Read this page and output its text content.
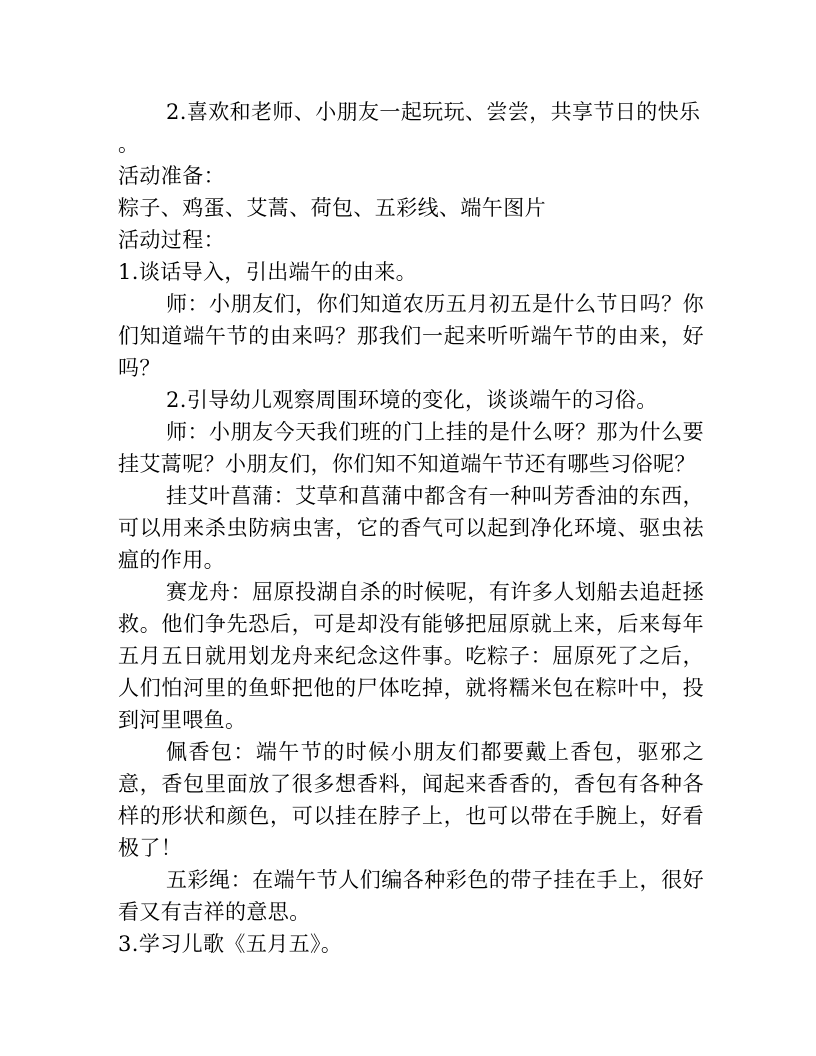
2.喜欢和老师、小朋友一起玩玩、尝尝，共享节日的快乐
。
活动准备：
粽子、鸡蛋、艾蒿、荷包、五彩线、端午图片
活动过程：
1.谈话导入，引出端午的由来。
师：小朋友们，你们知道农历五月初五是什么节日吗？你们知道端午节的由来吗？那我们一起来听听端午节的由来，好吗？
2.引导幼儿观察周围环境的变化，谈谈端午的习俗。
师：小朋友今天我们班的门上挂的是什么呀？那为什么要挂艾蒿呢？小朋友们，你们知不知道端午节还有哪些习俗呢？
挂艾叶菖蒲：艾草和菖蒲中都含有一种叫芳香油的东西，可以用来杀虫防病虫害，它的香气可以起到净化环境、驱虫祛瘟的作用。
赛龙舟：屈原投湖自杀的时候呢，有许多人划船去追赶拯救。他们争先恐后，可是却没有能够把屈原就上来，后来每年五月五日就用划龙舟来纪念这件事。吃粽子：屈原死了之后，人们怕河里的鱼虾把他的尸体吃掉，就将糯米包在粽叶中，投到河里喂鱼。
佩香包：端午节的时候小朋友们都要戴上香包，驱邪之意，香包里面放了很多想香料，闻起来香香的，香包有各种各样的形状和颜色，可以挂在脖子上，也可以带在手腕上，好看极了！
五彩绳：在端午节人们编各种彩色的带子挂在手上，很好看又有吉祥的意思。
3.学习儿歌《五月五》。
